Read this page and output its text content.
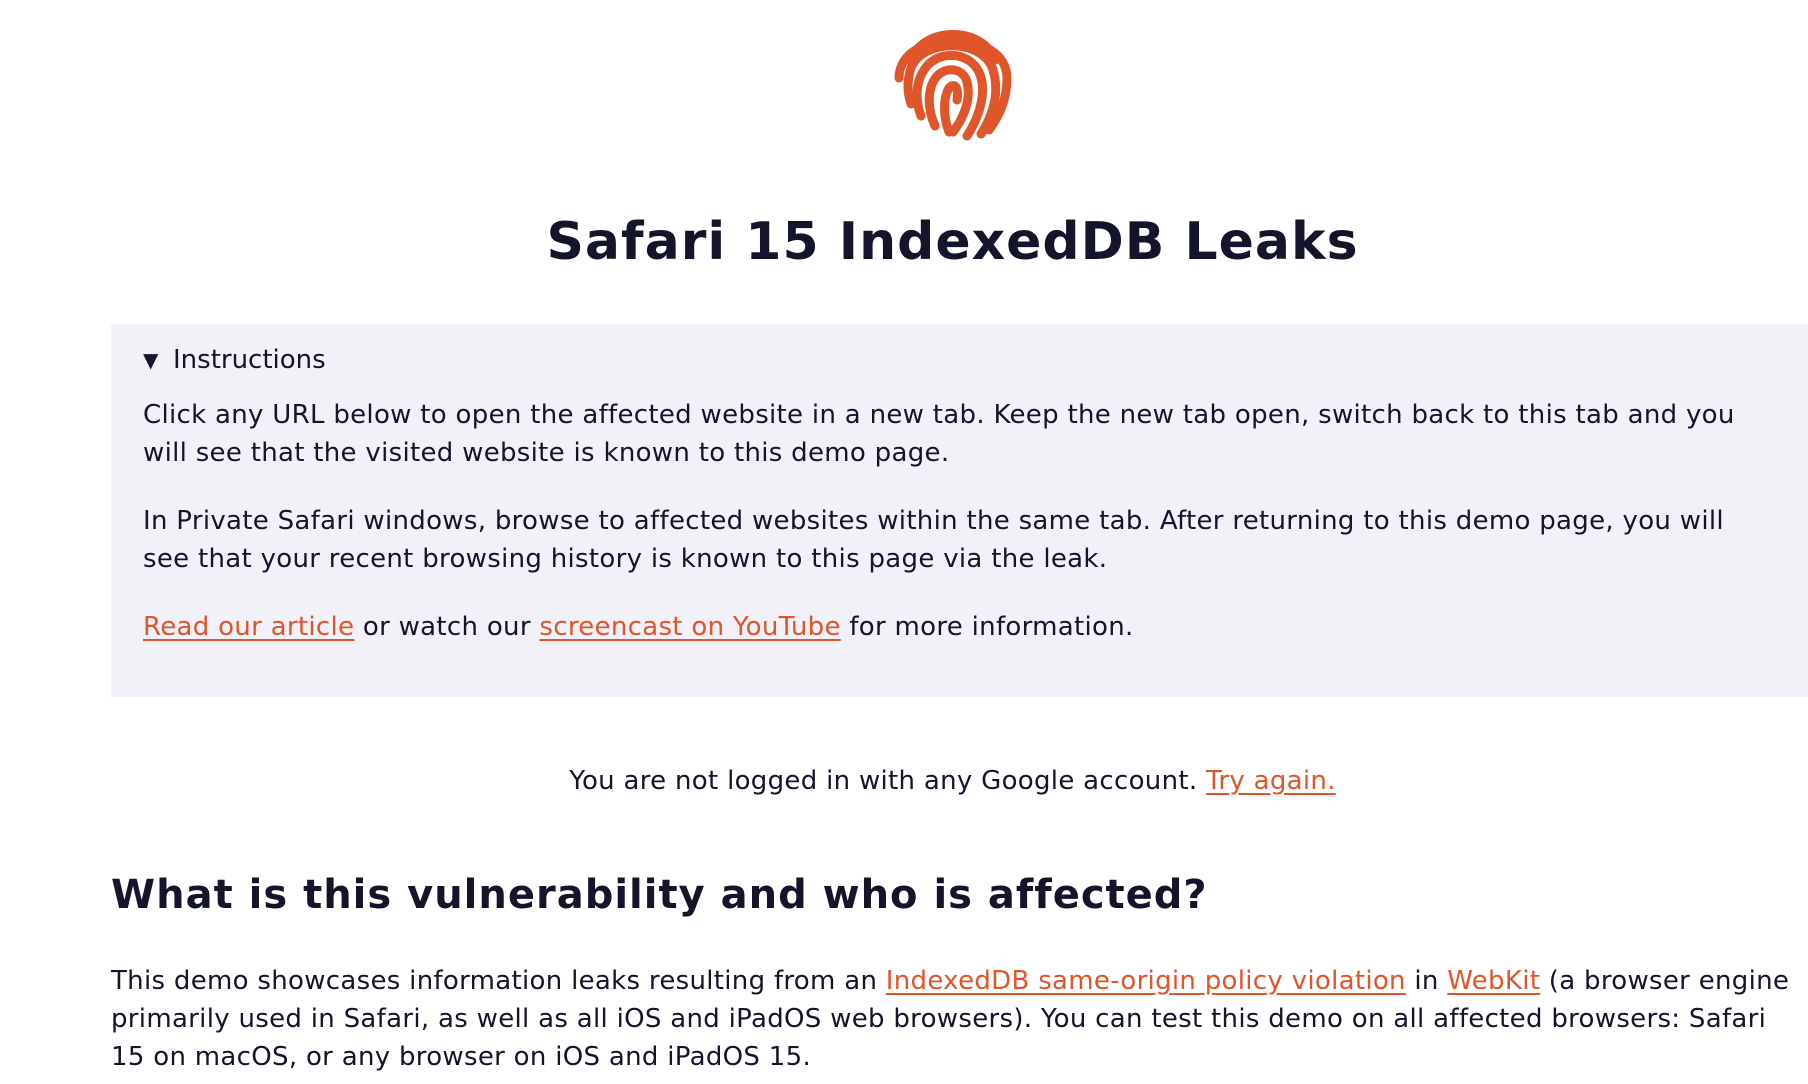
Safari 15 IndexedDB Leaks
▼ Instructions

Click any URL below to open the affected website in a new tab. Keep the new tab open, switch back to this tab and you will see that the visited website is known to this demo page.

In Private Safari windows, browse to affected websites within the same tab. After returning to this demo page, you will see that your recent browsing history is known to this page via the leak.

Read our article or watch our screencast on YouTube for more information.

You are not logged in with any Google account. Try again.

What is this vulnerability and who is affected?

This demo showcases information leaks resulting from an IndexedDB same-origin policy violation in WebKit (a browser engine primarily used in Safari, as well as all iOS and iPadOS web browsers). You can test this demo on all affected browsers: Safari 15 on macOS, or any browser on iOS and iPadOS 15.
